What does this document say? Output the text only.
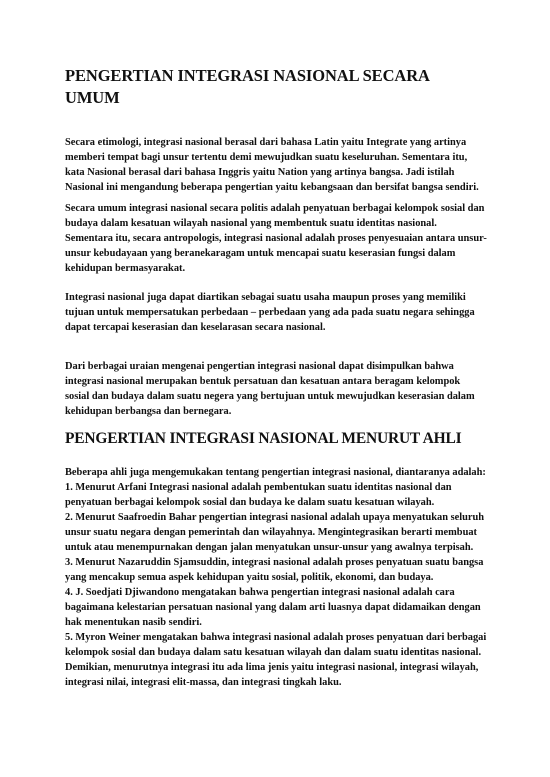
PENGERTIAN INTEGRASI NASIONAL SECARA UMUM

Secara etimologi, integrasi nasional berasal dari bahasa Latin yaitu Integrate yang artinya memberi tempat bagi unsur tertentu demi mewujudkan suatu keseluruhan. Sementara itu, kata Nasional berasal dari bahasa Inggris yaitu Nation yang artinya bangsa. Jadi istilah Nasional ini mengandung beberapa pengertian yaitu kebangsaan dan bersifat bangsa sendiri.

Secara umum integrasi nasional secara politis adalah penyatuan berbagai kelompok sosial dan budaya dalam kesatuan wilayah nasional yang membentuk suatu identitas nasional. Sementara itu, secara antropologis, integrasi nasional adalah proses penyesuaian antara unsur-unsur kebudayaan yang beranekaragam untuk mencapai suatu keserasian fungsi dalam kehidupan bermasyarakat.

Integrasi nasional juga dapat diartikan sebagai suatu usaha maupun proses yang memiliki tujuan untuk mempersatukan perbedaan – perbedaan yang ada pada suatu negara sehingga dapat tercapai keserasian dan keselarasan secara nasional.

Dari berbagai uraian mengenai pengertian integrasi nasional dapat disimpulkan bahwa integrasi nasional merupakan bentuk persatuan dan kesatuan antara beragam kelompok sosial dan budaya dalam suatu negera yang bertujuan untuk mewujudkan keserasian dalam kehidupan berbangsa dan bernegara.

PENGERTIAN INTEGRASI NASIONAL MENURUT AHLI

Beberapa ahli juga mengemukakan tentang pengertian integrasi nasional, diantaranya adalah:

1. Menurut Arfani Integrasi nasional adalah pembentukan suatu identitas nasional dan penyatuan berbagai kelompok sosial dan budaya ke dalam suatu kesatuan wilayah.

2. Menurut Saafroedin Bahar pengertian integrasi nasional adalah upaya menyatukan seluruh unsur suatu negara dengan pemerintah dan wilayahnya. Mengintegrasikan berarti membuat untuk atau menempurnakan dengan jalan menyatukan unsur-unsur yang awalnya terpisah.

3. Menurut Nazaruddin Sjamsuddin, integrasi nasional adalah proses penyatuan suatu bangsa yang mencakup semua aspek kehidupan yaitu sosial, politik, ekonomi, dan budaya.

4. J. Soedjati Djiwandono mengatakan bahwa pengertian integrasi nasional adalah cara bagaimana kelestarian persatuan nasional yang dalam arti luasnya dapat didamaikan dengan hak menentukan nasib sendiri.

5. Myron Weiner mengatakan bahwa integrasi nasional adalah proses penyatuan dari berbagai kelompok sosial dan budaya dalam satu kesatuan wilayah dan dalam suatu identitas nasional. Demikian, menurutnya integrasi itu ada lima jenis yaitu integrasi nasional, integrasi wilayah, integrasi nilai, integrasi elit-massa, dan integrasi tingkah laku.
